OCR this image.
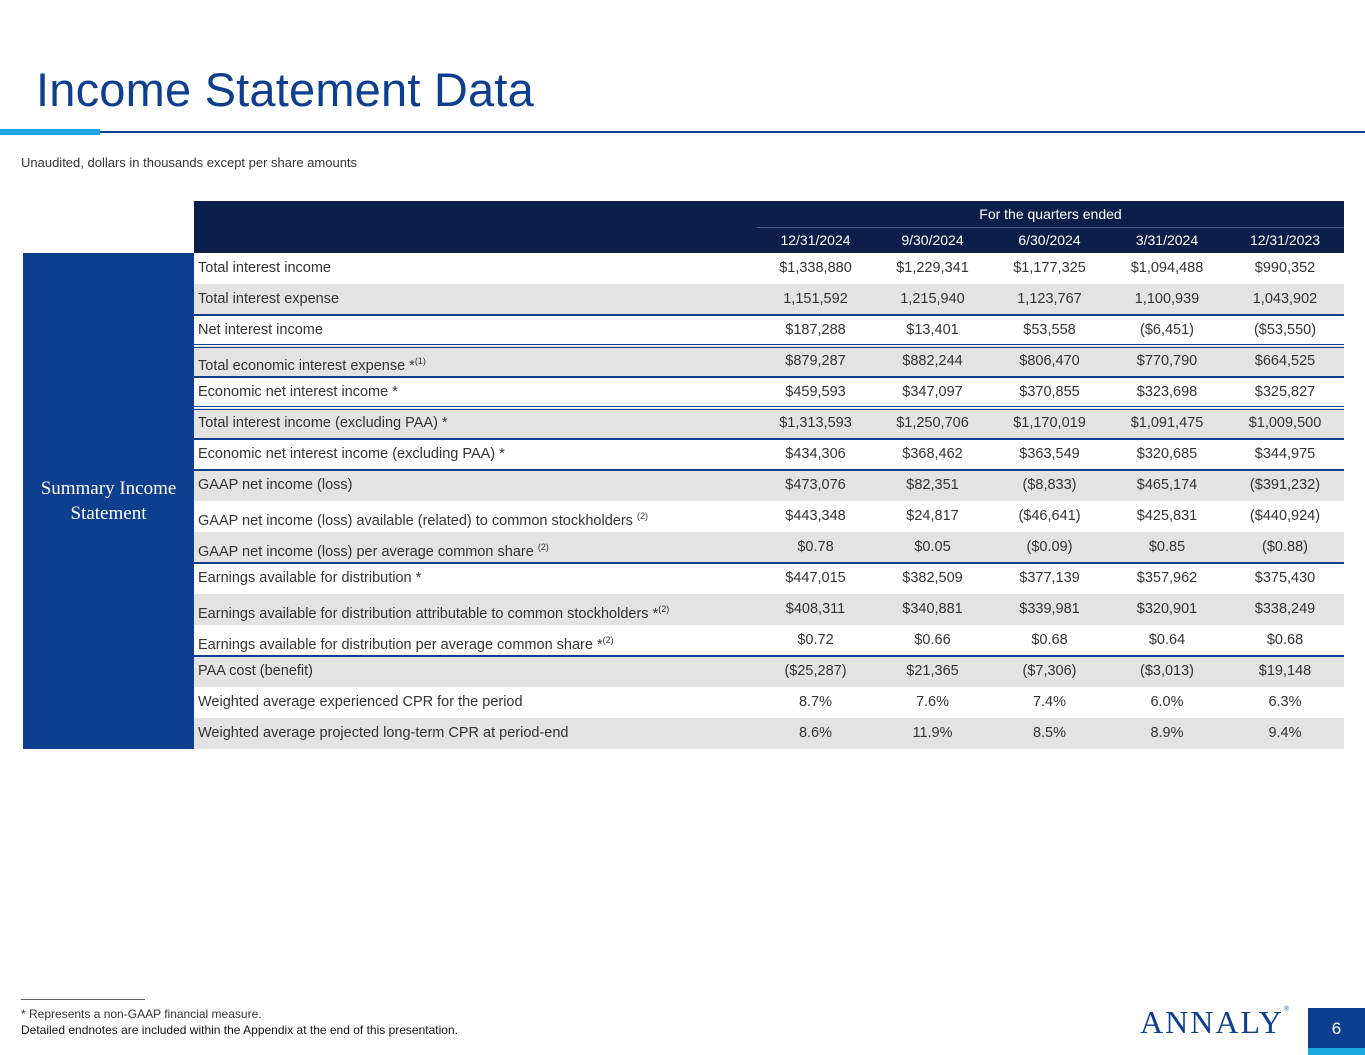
Income Statement Data
Unaudited, dollars in thousands except per share amounts
For the quarters ended
12/31/2024	9/30/2024	6/30/2024	3/31/2024	12/31/2023
Summary Income Statement
Total interest income	$1,338,880	$1,229,341	$1,177,325	$1,094,488	$990,352
Total interest expense	1,151,592	1,215,940	1,123,767	1,100,939	1,043,902
Net interest income	$187,288	$13,401	$53,558	($6,451)	($53,550)
Total economic interest expense *$^{(1)}$	$879,287	$882,244	$806,470	$770,790	$664,525
Economic net interest income *	$459,593	$347,097	$370,855	$323,698	$325,827
Total interest income (excluding PAA) *	$1,313,593	$1,250,706	$1,170,019	$1,091,475	$1,009,500
Economic net interest income (excluding PAA) *	$434,306	$368,462	$363,549	$320,685	$344,975
GAAP net income (loss)	$473,076	$82,351	($8,833)	$465,174	($391,232)
GAAP net income (loss) available (related) to common stockholders $^{(2)}$	$443,348	$24,817	($46,641)	$425,831	($440,924)
GAAP net income (loss) per average common share $^{(2)}$	$0.78	$0.05	($0.09)	$0.85	($0.88)
Earnings available for distribution *	$447,015	$382,509	$377,139	$357,962	$375,430
Earnings available for distribution attributable to common stockholders *$^{(2)}$	$408,311	$340,881	$339,981	$320,901	$338,249
Earnings available for distribution per average common share *$^{(2)}$	$0.72	$0.66	$0.68	$0.64	$0.68
PAA cost (benefit)	($25,287)	$21,365	($7,306)	($3,013)	$19,148
Weighted average experienced CPR for the period	8.7%	7.6%	7.4%	6.0%	6.3%
Weighted average projected long-term CPR at period-end	8.6%	11.9%	8.5%	8.9%	9.4%
* Represents a non-GAAP financial measure.
Detailed endnotes are included within the Appendix at the end of this presentation.	ANNALY®
6
